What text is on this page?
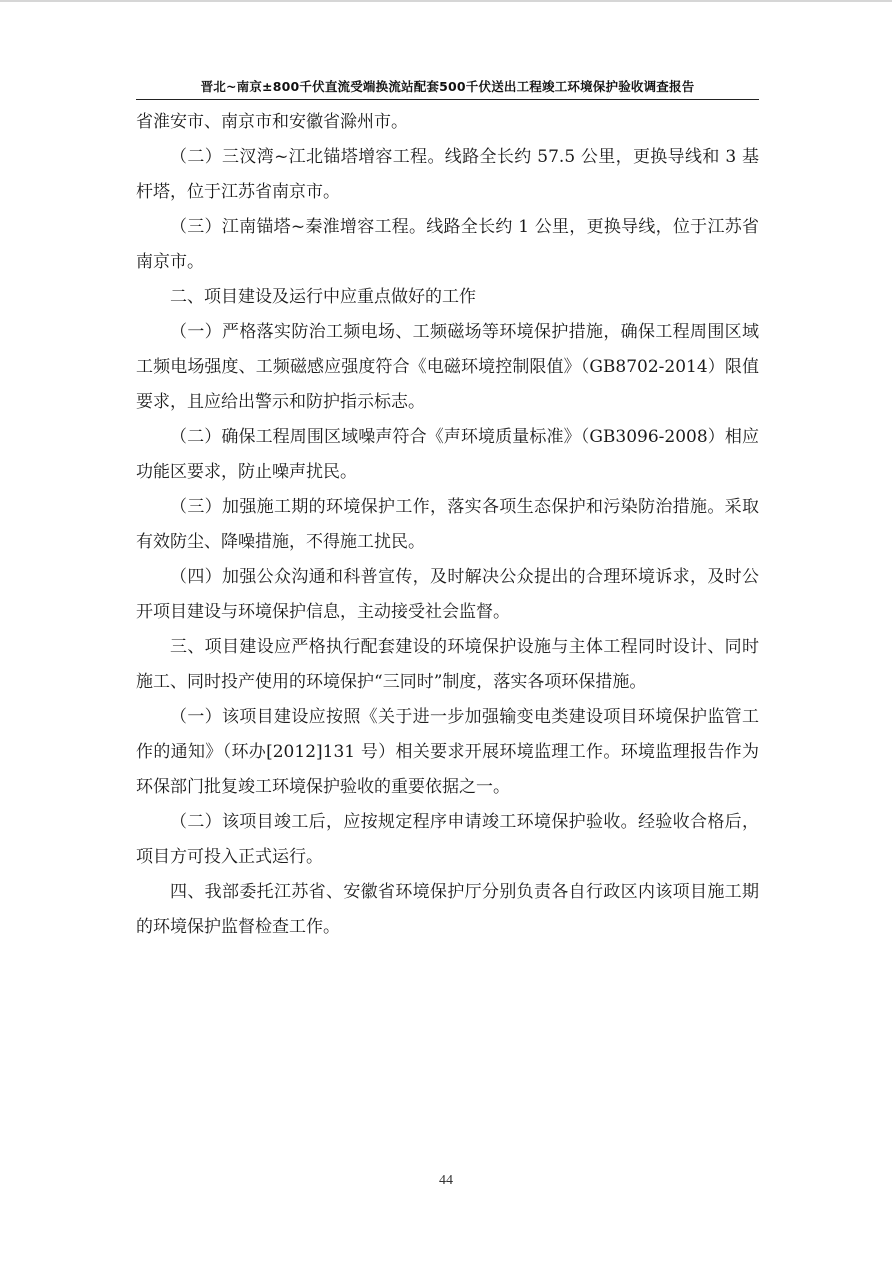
晋北~南京±800千伏直流受端换流站配套500千伏送出工程竣工环境保护验收调查报告

省淮安市、南京市和安徽省滁州市。

（二）三汊湾~江北锚塔增容工程。线路全长约 57.5 公里，更换导线和 3 基杆塔，位于江苏省南京市。

（三）江南锚塔~秦淮增容工程。线路全长约 1 公里，更换导线，位于江苏省南京市。

二、项目建设及运行中应重点做好的工作

（一）严格落实防治工频电场、工频磁场等环境保护措施，确保工程周围区域工频电场强度、工频磁感应强度符合《电磁环境控制限值》（GB8702-2014）限值要求，且应给出警示和防护指示标志。

（二）确保工程周围区域噪声符合《声环境质量标准》（GB3096-2008）相应功能区要求，防止噪声扰民。

（三）加强施工期的环境保护工作，落实各项生态保护和污染防治措施。采取有效防尘、降噪措施，不得施工扰民。

（四）加强公众沟通和科普宣传，及时解决公众提出的合理环境诉求，及时公开项目建设与环境保护信息，主动接受社会监督。

三、项目建设应严格执行配套建设的环境保护设施与主体工程同时设计、同时施工、同时投产使用的环境保护“三同时”制度，落实各项环保措施。

（一）该项目建设应按照《关于进一步加强输变电类建设项目环境保护监管工作的通知》（环办[2012]131 号）相关要求开展环境监理工作。环境监理报告作为环保部门批复竣工环境保护验收的重要依据之一。

（二）该项目竣工后，应按规定程序申请竣工环境保护验收。经验收合格后，项目方可投入正式运行。

四、我部委托江苏省、安徽省环境保护厅分别负责各自行政区内该项目施工期的环境保护监督检查工作。

44
